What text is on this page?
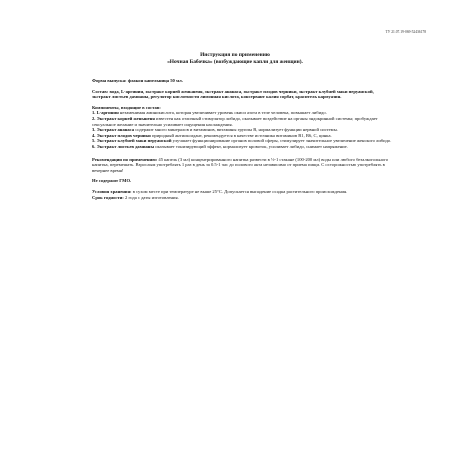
ТУ 21.07.19-069-52436178
Инструкция по применению
«Ночная Бабочка» (возбуждающие капли для женщин).

Форма выпуска: флакон капельница 50 мл.

Состав: вода, L-аргинин, экстракт корней женьшеня, экстракт ананаса, экстракт плодов черники, экстракт клубней маки перуанской, экстракт листьев дамианы, регулятор кислотности лимонная кислота, консервант калия сорбат, краситель кармуазин.

Компоненты, входящие в состав:

1. L-аргинин незаменимая аминокислота, которая увеличивает уровень окиси азота в теле человека, повышает либидо.

2. Экстракт корней женьшеня известен как отличный стимулятор либидо, оказывает воздействие на органы эндокринной системы; пробуждает сексуальное желание и значительно усиливает ощущения наслаждения.

3. Экстракт ананаса содержит много минералов и витаминов, витамины группы В, нормализует функции нервной системы.

4. Экстракт плодов черники природный антиоксидант, рекомендуется в качестве источника витаминов B1, B6, C, цинка.

5. Экстракт клубней маки перуанской улучшает функционирование органов половой сферы, стимулирует значительное увеличение женского либидо.

6. Экстракт листьев дамианы оказывает тонизирующий эффект, нормализует кровоток, усиливает либидо, снимает напряжение.

Рекомендации по применению: 45 капель (3 мл) концентрированного напитка развести в ½-1 стакане (100-200 мл) воды или любого безалкогольного напитка, перемешать. Взрослым употреблять 1 раз в день за 0.5-1 час до полового акта независимо от приема пищи. С осторожностью употреблять в вечернее время!

Не содержит ГМО.

Условия хранения: в сухом месте при температуре не выше 25°C. Допускается выпадение осадка растительного происхождения.

Срок годности: 2 года с даты изготовления.
